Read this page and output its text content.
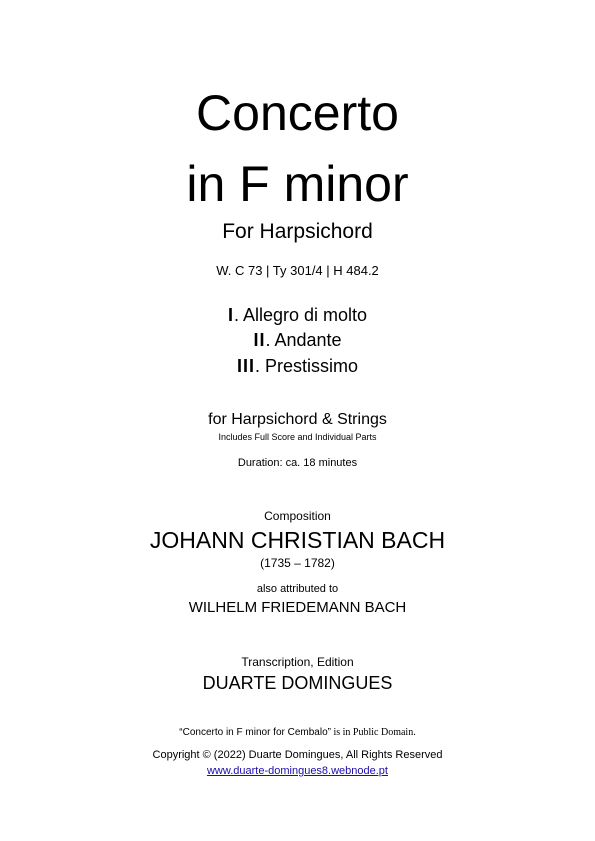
Concerto
in F minor
For Harpsichord
W. C 73 | Ty 301/4 | H 484.2
I. Allegro di molto
II. Andante
III. Prestissimo
for Harpsichord & Strings
Includes Full Score and Individual Parts
Duration: ca. 18 minutes
Composition
JOHANN CHRISTIAN BACH
(1735 – 1782)
also attributed to
WILHELM FRIEDEMANN BACH
Transcription, Edition
DUARTE DOMINGUES
“Concerto in F minor for Cembalo” is in Public Domain.
Copyright © (2022) Duarte Domingues, All Rights Reserved
www.duarte-domingues8.webnode.pt
